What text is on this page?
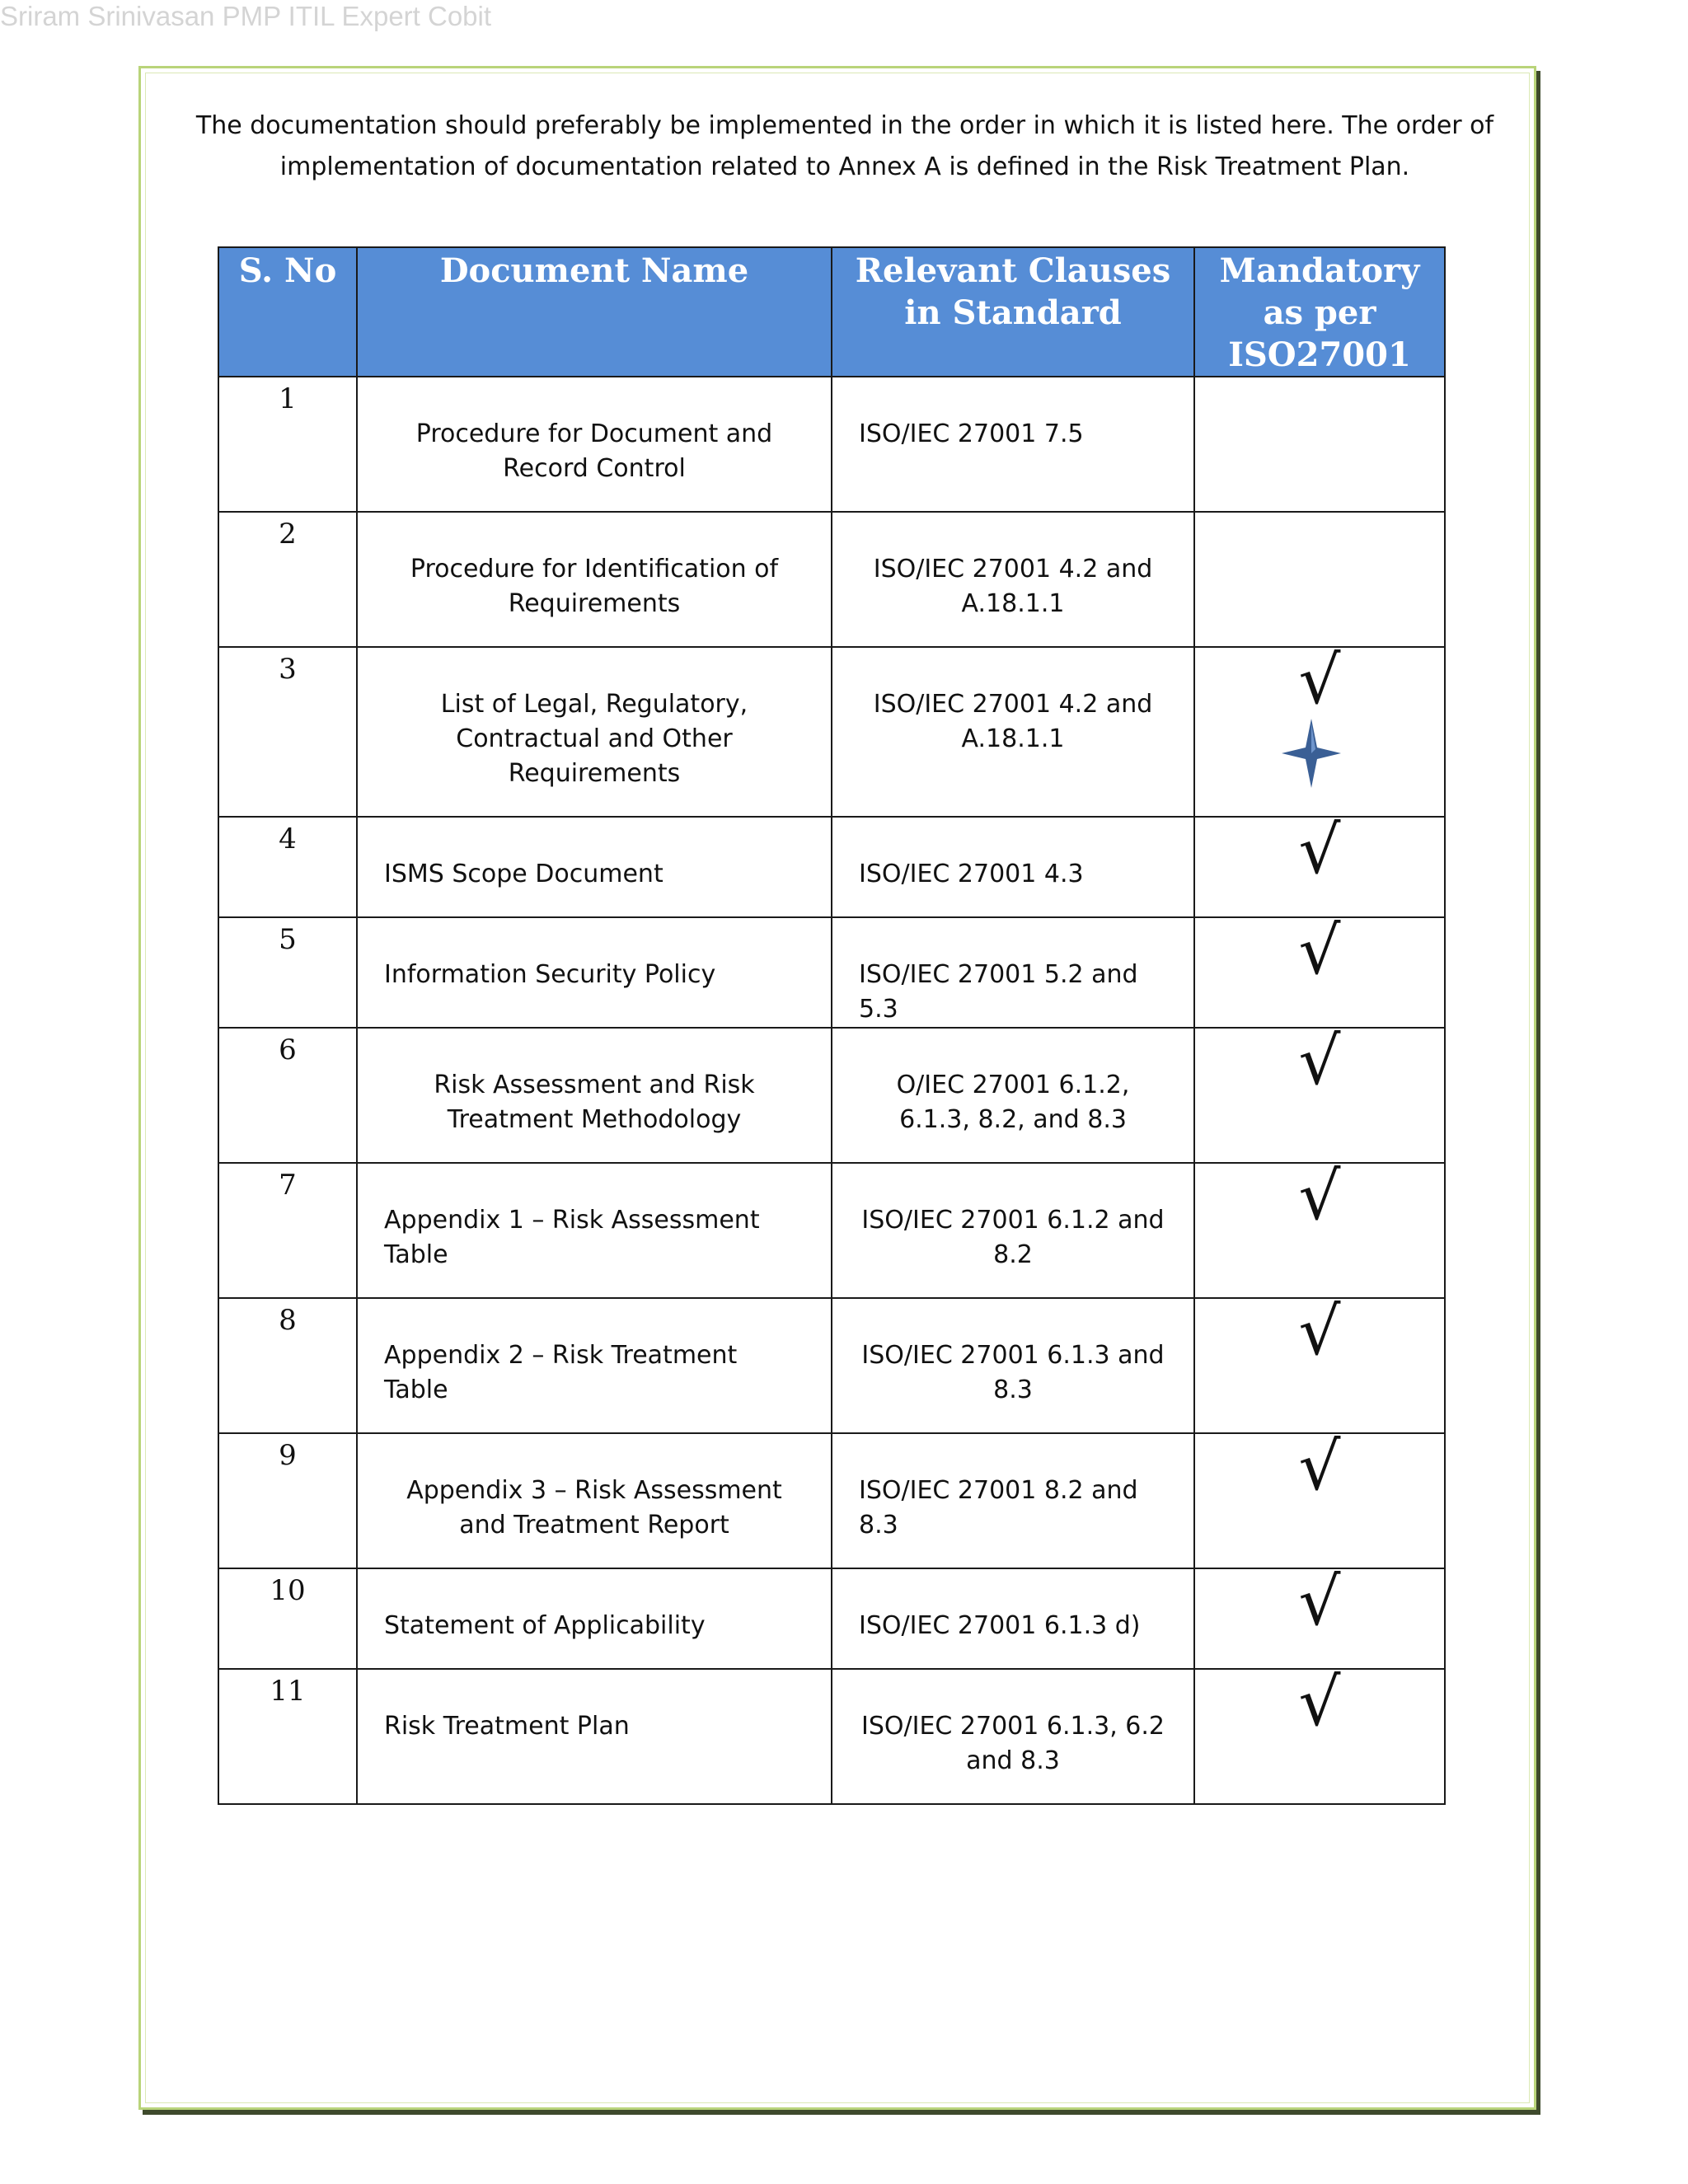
Sriram Srinivasan PMP ITIL Expert Cobit

The documentation should preferably be implemented in the order in which it is listed here. The order of implementation of documentation related to Annex A is defined in the Risk Treatment Plan.

S. No	Document Name	Relevant Clauses in Standard	Mandatory as per ISO27001

1	Procedure for Document and Record Control	ISO/IEC 27001 7.5	

2	Procedure for Identification of Requirements	ISO/IEC 27001 4.2 and A.18.1.1	

3	List of Legal, Regulatory, Contractual and Other Requirements	ISO/IEC 27001 4.2 and A.18.1.1	√

4	ISMS Scope Document	ISO/IEC 27001 4.3	√

5	Information Security Policy	ISO/IEC 27001 5.2 and 5.3	√

6	Risk Assessment and Risk Treatment Methodology	O/IEC 27001 6.1.2, 6.1.3, 8.2, and 8.3	√

7	Appendix 1 – Risk Assessment Table	ISO/IEC 27001 6.1.2 and 8.2	√

8	Appendix 2 – Risk Treatment Table	ISO/IEC 27001 6.1.3 and 8.3	√

9	Appendix 3 – Risk Assessment and Treatment Report	ISO/IEC 27001 8.2 and 8.3	√

10	Statement of Applicability	ISO/IEC 27001 6.1.3 d)	√

11	Risk Treatment Plan	ISO/IEC 27001 6.1.3, 6.2 and 8.3	√
